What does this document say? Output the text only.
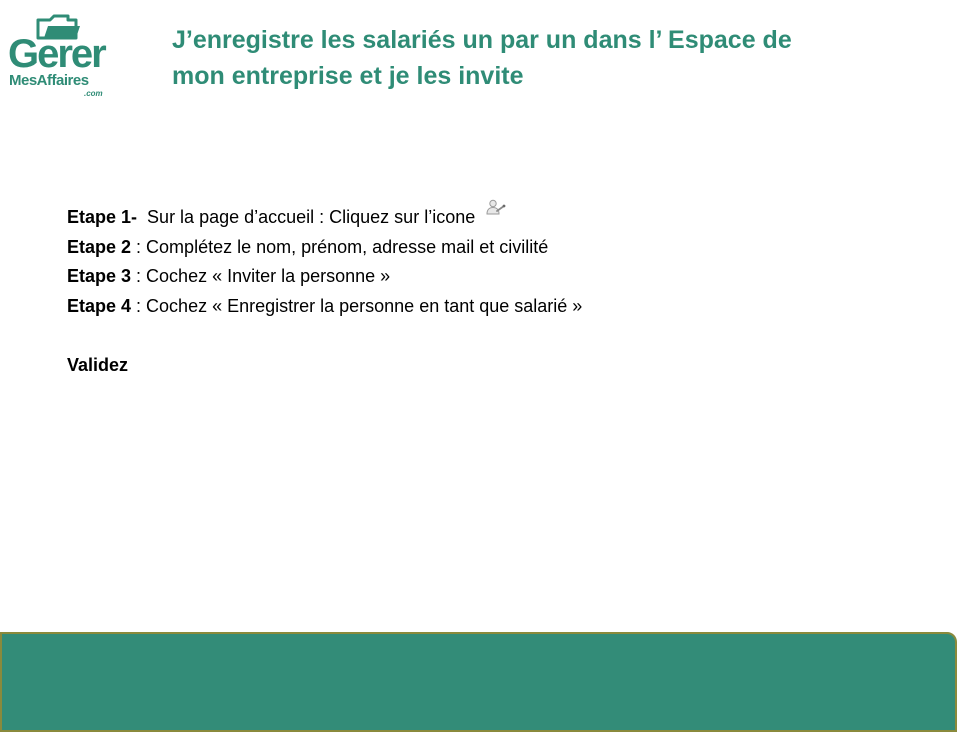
Gerer
MesAffaires
.com
J’enregistre les salariés un par un dans l’ Espace de
mon entreprise et je les invite
Etape 1- Sur la page d’accueil : Cliquez sur l’icone
Etape 2 : Complétez le nom, prénom, adresse mail et civilité
Etape 3 : Cochez « Inviter la personne »
Etape 4 : Cochez « Enregistrer la personne en tant que salarié »
Validez
